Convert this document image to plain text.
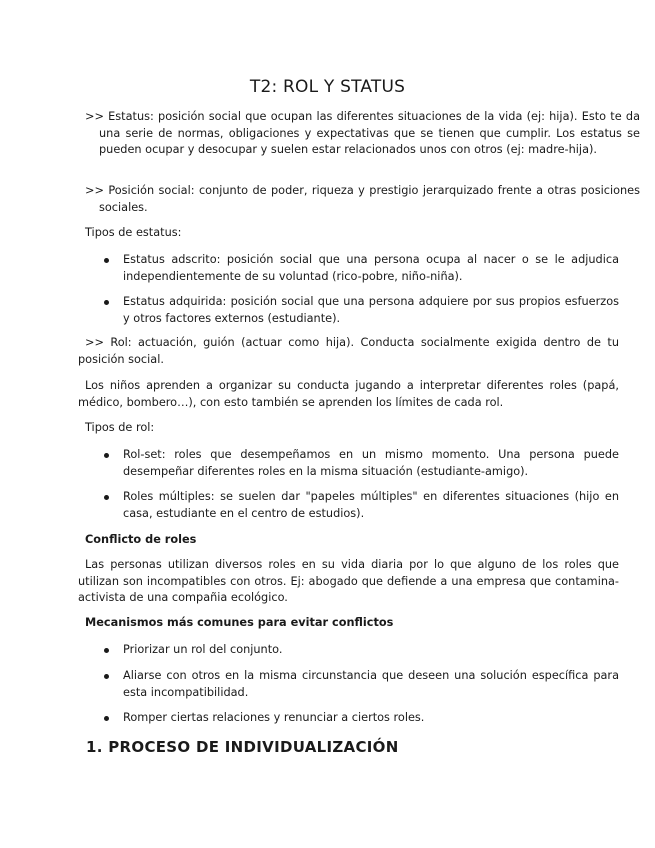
T2: ROL Y STATUS
>> Estatus: posición social que ocupan las diferentes situaciones de la vida (ej: hija). Esto te da una serie de normas, obligaciones y expectativas que se tienen que cumplir. Los estatus se pueden ocupar y desocupar y suelen estar relacionados unos con otros (ej: madre-hija).
>> Posición social: conjunto de poder, riqueza y prestigio jerarquizado frente a otras posiciones sociales.
Tipos de estatus:
Estatus adscrito: posición social que una persona ocupa al nacer o se le adjudica independientemente de su voluntad (rico-pobre, niño-niña).
Estatus adquirida: posición social que una persona adquiere por sus propios esfuerzos y otros factores externos (estudiante).
>> Rol: actuación, guión (actuar como hija). Conducta socialmente exigida dentro de tu posición social.
Los niños aprenden a organizar su conducta jugando a interpretar diferentes roles (papá, médico, bombero…), con esto también se aprenden los límites de cada rol.
Tipos de rol:
Rol-set: roles que desempeñamos en un mismo momento. Una persona puede desempeñar diferentes roles en la misma situación (estudiante-amigo).
Roles múltiples: se suelen dar "papeles múltiples" en diferentes situaciones (hijo en casa, estudiante en el centro de estudios).
Conflicto de roles
Las personas utilizan diversos roles en su vida diaria por lo que alguno de los roles que utilizan son incompatibles con otros. Ej: abogado que defiende a una empresa que contamina-activista de una compañia ecológico.
Mecanismos más comunes para evitar conflictos
Priorizar un rol del conjunto.
Aliarse con otros en la misma circunstancia que deseen una solución específica para esta incompatibilidad.
Romper ciertas relaciones y renunciar a ciertos roles.
1. PROCESO DE INDIVIDUALIZACIÓN
